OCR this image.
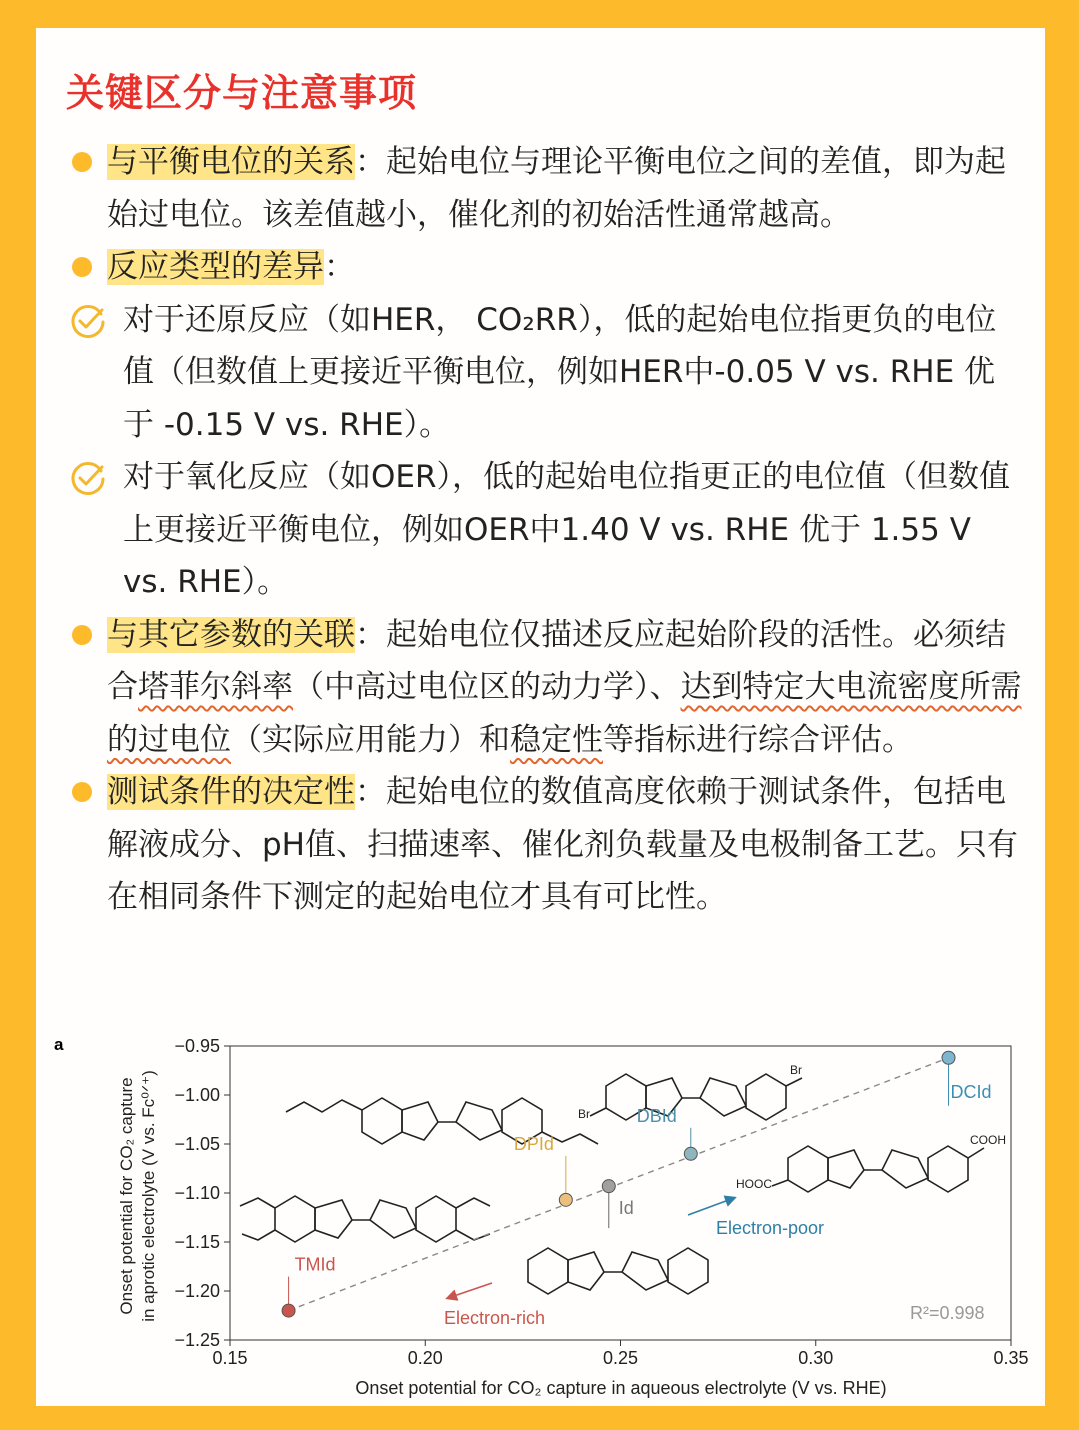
关键区分与注意事项
与平衡电位的关系：起始电位与理论平衡电位之间的差值，即为起始过电位。该差值越小，催化剂的初始活性通常越高。
反应类型的差异：
对于还原反应（如HER， CO₂RR），低的起始电位指更负的电位值（但数值上更接近平衡电位，例如HER中-0.05 V vs. RHE 优于 -0.15 V vs. RHE）。
对于氧化反应（如OER），低的起始电位指更正的电位值（但数值上更接近平衡电位，例如OER中1.40 V vs. RHE 优于 1.55 V vs. RHE）。
与其它参数的关联：起始电位仅描述反应起始阶段的活性。必须结合塔菲尔斜率（中高过电位区的动力学）、达到特定大电流密度所需的过电位（实际应用能力）和稳定性等指标进行综合评估。
测试条件的决定性：起始电位的数值高度依赖于测试条件，包括电解液成分、pH值、扫描速率、催化剂负载量及电极制备工艺。只有在相同条件下测定的起始电位才具有可比性。
a
Br
Br
HOOC
COOH
0.15	0.20	0.25	0.30	0.35
−0.95
−1.00
−1.05
−1.10
−1.15
−1.20
−1.25
TMId
DPId
Id
DBId
DCId
Electron-rich
Electron-poor
R²=0.998
Onset potential for CO₂ capture in aqueous electrolyte (V vs. RHE)
Onset potential for CO₂ capture in aprotic electrolyte (V vs. Fc⁰ᐟ⁺)
